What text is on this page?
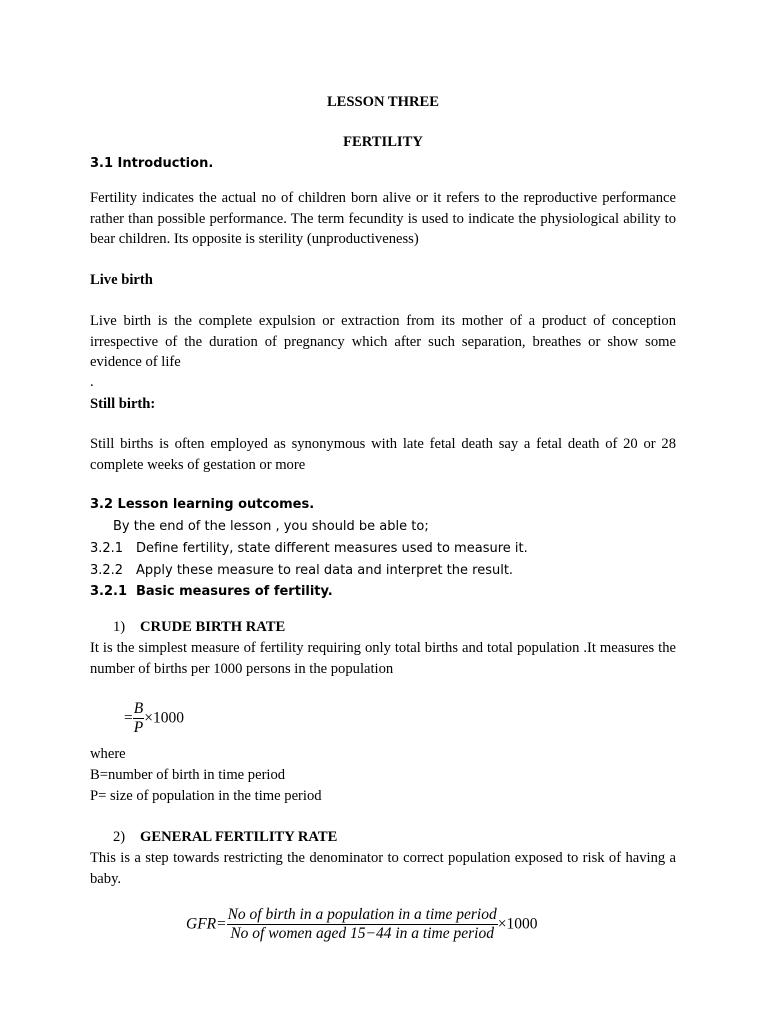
LESSON THREE
FERTILITY
3.1 Introduction.
Fertility indicates the actual no of children born alive or it refers to the reproductive performance rather than possible performance. The term fecundity is used to indicate the physiological ability to bear children. Its opposite is sterility (unproductiveness)
Live birth
Live birth is the complete expulsion or extraction from its mother of a product of conception irrespective of the duration of pregnancy which after such separation, breathes or show some evidence of life
.
Still birth:
Still births is often employed as synonymous with late fetal death say a fetal death of 20 or 28 complete weeks of gestation or more
3.2 Lesson learning outcomes.
By the end of the lesson , you should be able to;
3.2.1 Define fertility, state different measures used to measure it.
3.2.2 Apply these measure to real data and interpret the result.
3.2.1 Basic measures of fertility.
1) CRUDE BIRTH RATE
It is the simplest measure of fertility requiring only total births and total population .It measures the number of births per 1000 persons in the population
= $\frac{B}{P} \times 1000$
where
B=number of birth in time period
P= size of population in the time period
2) GENERAL FERTILITY RATE
This is a step towards restricting the denominator to correct population exposed to risk of having a baby.
$GFR= \frac{\text{No of birth in a population in a time period}}{\text{No of women aged 15−44 in a time period}} \times 1000$
